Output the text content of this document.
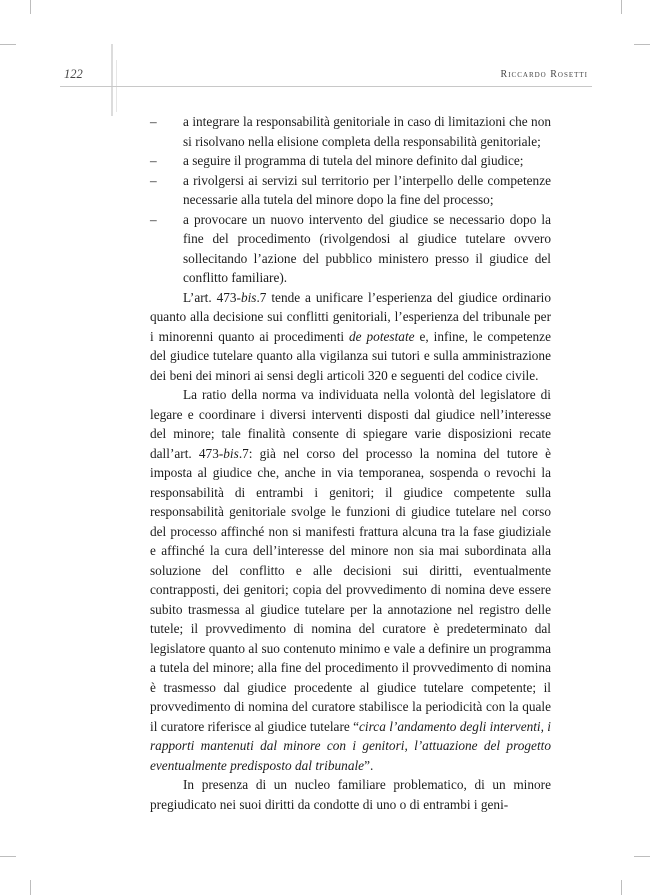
122	Riccardo Rosetti
– a integrare la responsabilità genitoriale in caso di limitazioni che non si risolvano nella elisione completa della responsabilità genitoriale;
– a seguire il programma di tutela del minore definito dal giudice;
– a rivolgersi ai servizi sul territorio per l’interpello delle competenze necessarie alla tutela del minore dopo la fine del processo;
– a provocare un nuovo intervento del giudice se necessario dopo la fine del procedimento (rivolgendosi al giudice tutelare ovvero sollecitando l’azione del pubblico ministero presso il giudice del conflitto familiare).

L’art. 473-bis.7 tende a unificare l’esperienza del giudice ordinario quanto alla decisione sui conflitti genitoriali, l’esperienza del tribunale per i minorenni quanto ai procedimenti de potestate e, infine, le competenze del giudice tutelare quanto alla vigilanza sui tutori e sulla amministrazione dei beni dei minori ai sensi degli articoli 320 e seguenti del codice civile.

La ratio della norma va individuata nella volontà del legislatore di legare e coordinare i diversi interventi disposti dal giudice nell’interesse del minore; tale finalità consente di spiegare varie disposizioni recate dall’art. 473-bis.7: già nel corso del processo la nomina del tutore è imposta al giudice che, anche in via temporanea, sospenda o revochi la responsabilità di entrambi i genitori; il giudice competente sulla responsabilità genitoriale svolge le funzioni di giudice tutelare nel corso del processo affinché non si manifesti frattura alcuna tra la fase giudiziale e affinché la cura dell’interesse del minore non sia mai subordinata alla soluzione del conflitto e alle decisioni sui diritti, eventualmente contrapposti, dei genitori; copia del provvedimento di nomina deve essere subito trasmessa al giudice tutelare per la annotazione nel registro delle tutele; il provvedimento di nomina del curatore è predeterminato dal legislatore quanto al suo contenuto minimo e vale a definire un programma a tutela del minore; alla fine del procedimento il provvedimento di nomina è trasmesso dal giudice procedente al giudice tutelare competente; il provvedimento di nomina del curatore stabilisce la periodicità con la quale il curatore riferisce al giudice tutelare “circa l’andamento degli interventi, i rapporti mantenuti dal minore con i genitori, l’attuazione del progetto eventualmente predisposto dal tribunale”.

In presenza di un nucleo familiare problematico, di un minore pregiudicato nei suoi diritti da condotte di uno o di entrambi i geni-
